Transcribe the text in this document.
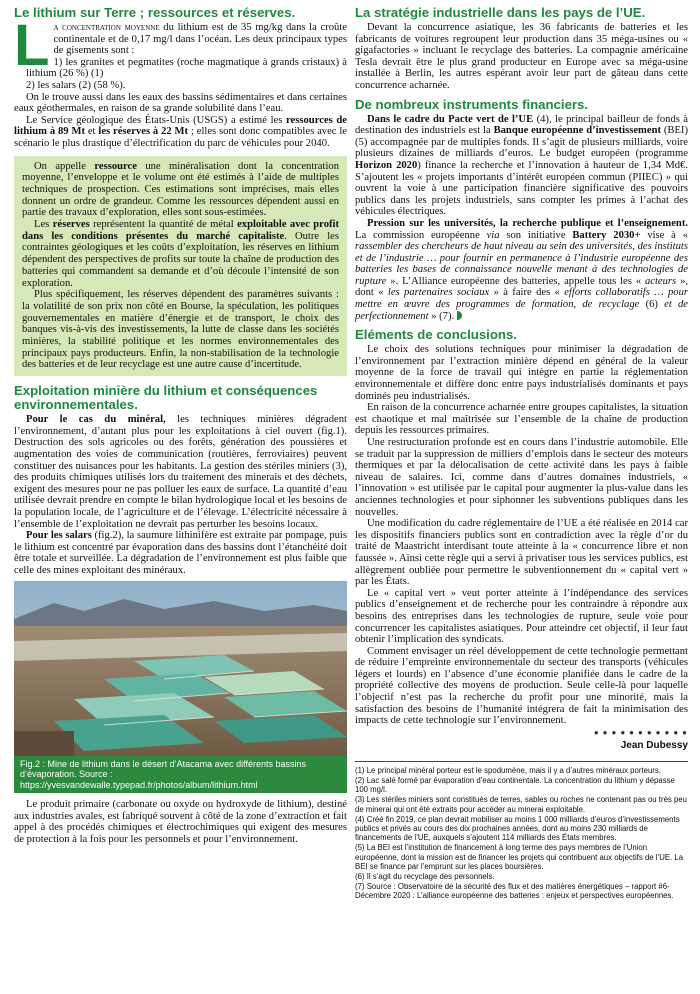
Le lithium sur Terre ; ressources et réserves.

La concentration moyenne du lithium est de 35 mg/kg dans la croûte continentale et de 0,17 mg/l dans l’océan. Les deux principaux types de gisements sont :

1) les granites et pegmatites (roche magmatique à grands cristaux) à lithium (26 %) (1)

2) les salars (2) (58 %).

On le trouve aussi dans les eaux des bassins sédimentaires et dans certaines eaux géothermales, en raison de sa grande solubilité dans l’eau.

Le Service géologique des États-Unis (USGS) a estimé les ressources de lithium à 89 Mt et les réserves à 22 Mt ; elles sont donc compatibles avec le scénario le plus drastique d’électrification du parc de véhicules pour 2040.

On appelle ressource une minéralisation dont la concentration moyenne, l’enveloppe et le volume ont été estimés à l’aide de multiples techniques de prospection. Ces estimations sont imprécises, mais elles donnent un ordre de grandeur. Comme les ressources dépendent aussi en partie des travaux d’exploration, elles sont sous-estimées.

Les réserves représentent la quantité de métal exploitable avec profit dans les conditions présentes du marché capitaliste. Outre les contraintes géologiques et les coûts d’exploitation, les réserves en lithium dépendent des perspectives de profits sur toute la chaîne de production des batteries qui commandent sa demande et d’où découle l’intensité de son exploration.

Plus spécifiquement, les réserves dépendent des paramètres suivants : la volatilité de son prix non côté en Bourse, la spéculation, les politiques gouvernementales en matière d’énergie et de transport, le choix des banques vis-à-vis des investissements, la lutte de classe dans les sociétés minières, la stabilité politique et les normes environnementales des principaux pays producteurs. Enfin, la non-stabilisation de la technologie des batteries et de leur recyclage est une autre cause d’incertitude.

Exploitation minière du lithium et conséquences environnementales.

Pour le cas du minéral, les techniques minières dégradent l’environnement, d’autant plus pour les exploitations à ciel ouvert (fig.1). Destruction des sols agricoles ou des forêts, génération des poussières et augmentation des voies de communication (routières, ferroviaires) peuvent constituer des nuisances pour les habitants. La gestion des stériles miniers (3), des produits chimiques utilisés lors du traitement des minerais et des déchets, exigent des mesures pour ne pas polluer les eaux de surface. La quantité d’eau utilisée devrait prendre en compte le bilan hydrologique local et les besoins de la population locale, de l’agriculture et de l’élevage. L’électricité nécessaire à l’ensemble de l’exploitation ne devrait pas perturber les besoins locaux.

Pour les salars (fig.2), la saumure lithinifère est extraite par pompage, puis le lithium est concentré par évaporation dans des bassins dont l’étanchéité doit être totale et surveillée. La dégradation de l’environnement est plus faible que celle des mines exploitant des minéraux.

Fig.2 : Mine de lithium dans le désert d’Atacama avec différents bassins d’évaporation. Source : https://yvesvandewalle.typepad.fr/photos/album/lithium.html

Le produit primaire (carbonate ou oxyde ou hydroxyde de lithium), destiné aux industries avales, est fabriqué souvent à côté de la zone d’extraction et fait appel à des procédés chimiques et électrochimiques qui exigent des mesures de protection à la fois pour les personnels et pour l’environnement.

La stratégie industrielle dans les pays de l’UE.

Devant la concurrence asiatique, les 36 fabricants de batteries et les fabricants de voitures regroupent leur production dans 35 méga-usines ou « gigafactories » incluant le recyclage des batteries. La compagnie américaine Tesla devrait être le plus grand producteur en Europe avec sa méga-usine installée à Berlin, les autres espérant avoir leur part de gâteau dans cette concurrence acharnée.

De nombreux instruments financiers.

Dans le cadre du Pacte vert de l’UE (4), le principal bailleur de fonds à destination des industriels est la Banque européenne d’investissement (BEI) (5) accompagnée par de multiples fonds. Il s’agit de plusieurs milliards, voire plusieurs dizaines de milliards d’euros. Le budget européen (programme Horizon 2020) finance la recherche et l’innovation à hauteur de 1,34 Md€. S’ajoutent les « projets importants d’intérêt européen commun (PIIEC) » qui ouvrent la voie à une participation financière significative des pouvoirs publics dans les projets industriels, sans compter les primes à l’achat des véhicules électriques.

Pression sur les universités, la recherche publique et l’enseignement. La commission européenne via son initiative Battery 2030+ vise à « rassembler des chercheurs de haut niveau au sein des universités, des instituts et de l’industrie … pour fournir en permanence à l’industrie européenne des batteries les bases de connaissance nouvelle menant à des technologies de rupture ». L’Alliance européenne des batteries, appelle tous les « acteurs », dont « les partenaires sociaux » à faire des « efforts collaboratifs … pour mettre en œuvre des programmes de formation, de recyclage (6) et de perfectionnement » (7).

Eléments de conclusions.

Le choix des solutions techniques pour minimiser la dégradation de l’environnement par l’extraction minière dépend en général de la valeur moyenne de la force de travail qui intègre en partie la réglementation environnementale et diffère donc entre pays industrialisés dominants et pays dominés peu industrialisés.

En raison de la concurrence acharnée entre groupes capitalistes, la situation est chaotique et mal maîtrisée sur l’ensemble de la chaîne de production depuis les ressources primaires.

Une restructuration profonde est en cours dans l’industrie automobile. Elle se traduit par la suppression de milliers d’emplois dans le secteur des moteurs thermiques et par la délocalisation de cette activité dans les pays à faible niveau de salaires. Ici, comme dans d’autres domaines industriels, « l’innovation » est utilisée par le capital pour augmenter la plus-value dans les anciennes technologies et pour siphonner les subventions publiques dans les nouvelles.

Une modification du cadre réglementaire de l’UE a été réalisée en 2014 car les dispositifs financiers publics sont en contradiction avec la règle d’or du traité de Maastricht interdisant toute atteinte à la « concurrence libre et non faussée ». Ainsi cette règle qui a servi à privatiser tous les services publics, est allègrement oubliée pour permettre le subventionnement du « capital vert » par les États.

Le « capital vert » veut porter atteinte à l’indépendance des services publics d’enseignement et de recherche pour les contraindre à répondre aux besoins des entreprises dans les technologies de rupture, seule voie pour concurrencer les capitalistes asiatiques. Pour atteindre cet objectif, il leur faut obtenir l’implication des syndicats.

Comment envisager un réel développement de cette technologie permettant de réduire l’empreinte environnementale du secteur des transports (véhicules légers et lourds) en l’absence d’une économie planifiée dans le cadre de la propriété collective des moyens de production. Seule celle-là pour laquelle l’objectif n’est pas la recherche du profit pour une minorité, mais la satisfaction des besoins de l’humanité intégrera de fait la minimisation des impacts de cette technologie sur l’environnement.

● ● ● ● ● ● ● ● ● ● ●
Jean Dubessy

(1) Le principal minéral porteur est le spodumène, mais il y a d’autres minéraux porteurs.

(2) Lac salé formé par évaporation d’eau continentale. La concentration du lithium y dépasse 100 mg/l.

(3) Les stériles miniers sont constitués de terres, sables ou roches ne contenant pas ou très peu de minerai qui ont été extraits pour accéder au minerai exploitable.

(4) Créé fin 2019, ce plan devrait mobiliser au moins 1 000 milliards d’euros d’investissements publics et privés au cours des dix prochaines années, dont au moins 230 milliards de financements de l’UE, auxquels s’ajoutent 114 milliards des États membres.

(5) La BEI est l’institution de financement à long terme des pays membres de l’Union européenne, dont la mission est de financer les projets qui contribuent aux objectifs de l’UE. La BEI se finance par l’emprunt sur les places boursières.

(6) Il s’agit du recyclage des personnels.

(7) Source : Observatoire de la sécurité des flux et des matières énergétiques – rapport #6-Décembre 2020 : L’alliance européenne des batteries : enjeux et perspectives européennes.
